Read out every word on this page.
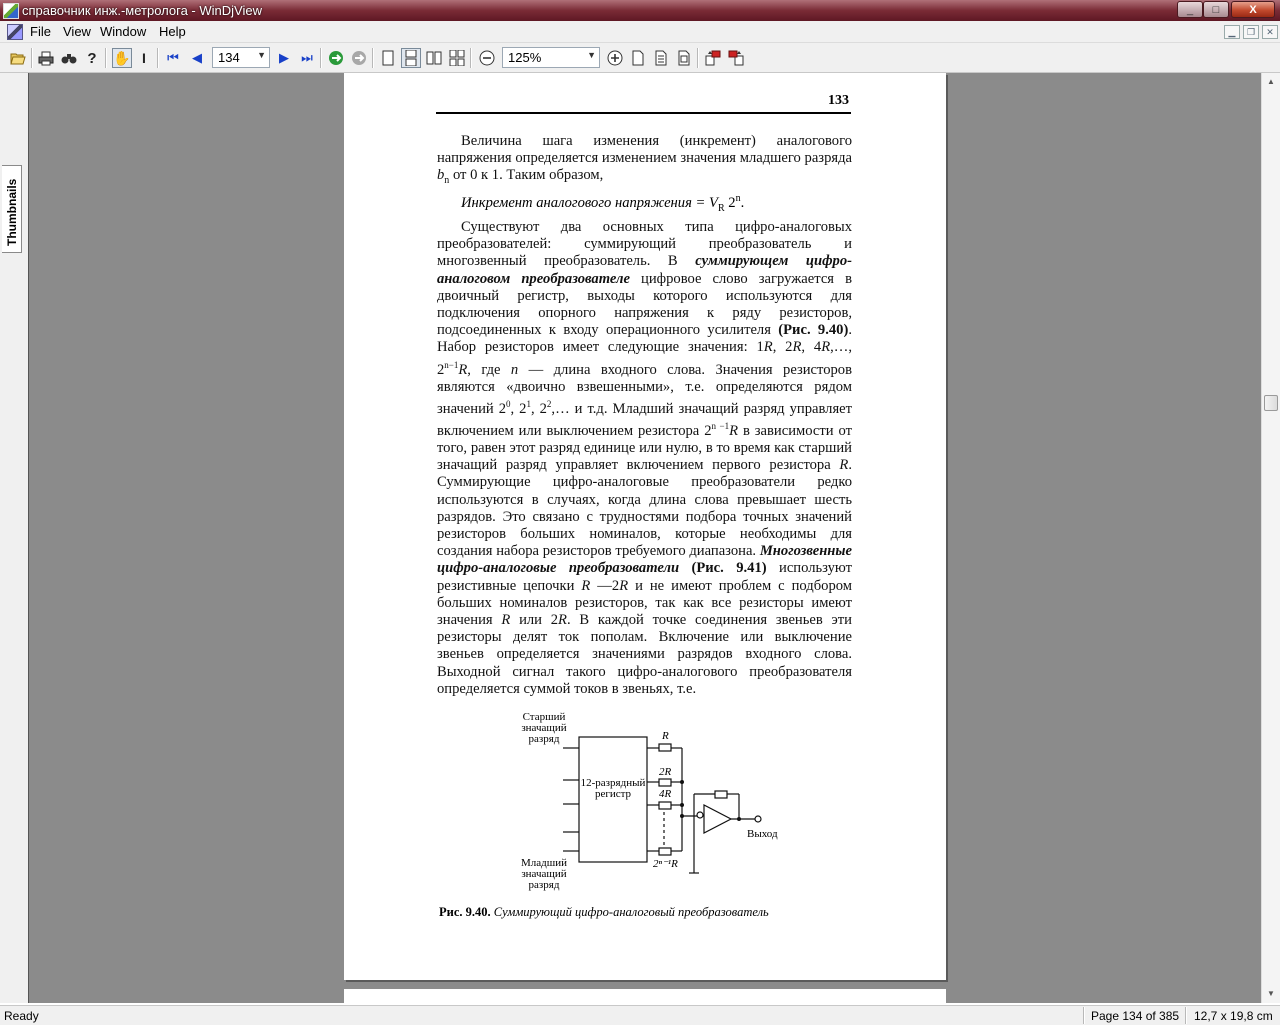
справочник инж.-метролога - WinDjView	_	□	X
File View Window Help	▁	❐	✕
? ✋ I ⏮ ◀ 134 ▼ ▶ ⏭	125%	▼
Thumbnails
133
Величина шага изменения (инкремент) аналогового напряжения определяется изменением значения младшего разряда $b_n$ от 0 к 1. Таким образом,
Инкремент аналогового напряжения = $V_R$ 2$^n$.
Существуют два основных типа цифро-аналоговых преобразователей: суммирующий преобразователь и многозвенный преобразователь. В суммирующем цифро-аналоговом преобразователе цифровое слово загружается в двоичный регистр, выходы которого используются для подключения опорного напряжения к ряду резисторов, подсоединенных к входу операционного усилителя (Рис. 9.40). Набор резисторов имеет следующие значения: 1R, 2R, 4R,…, $2^{n-1}R$, где n — длина входного слова. Значения резисторов являются «двоично взвешенными», т.е. определяются рядом значений $2^0$, $2^1$, $2^2,\dots$ и т.д. Младший значащий разряд управляет включением или выключением резистора $2^{n -1}R$ в зависимости от того, равен этот разряд единице или нулю, в то время как старший значащий разряд управляет включением первого резистора R. Суммирующие цифро-аналоговые преобразователи редко используются в случаях, когда длина слова превышает шесть разрядов. Это связано с трудностями подбора точных значений резисторов больших номиналов, которые необходимы для создания набора резисторов требуемого диапазона. Многозвенные цифро-аналоговые преобразователи (Рис. 9.41) используют резистивные цепочки R —2R и не имеют проблем с подбором больших номиналов резисторов, так как все резисторы имеют значения R или 2R. В каждой точке соединения звеньев эти резисторы делят ток пополам. Включение или выключение звеньев определяется значениями разрядов входного слова. Выходной сигнал такого цифро-аналогового преобразователя определяется суммой токов в звеньях, т.е.
Старший
значащий
разряд
12-разрядный
регистр
Младший
значащий
разряд
R
2R
4R
2ⁿ⁻¹R
Выход
Рис. 9.40. Суммирующий цифро-аналоговый преобразователь
▲
▼
Ready	Page 134 of 385 12,7 x 19,8 cm
